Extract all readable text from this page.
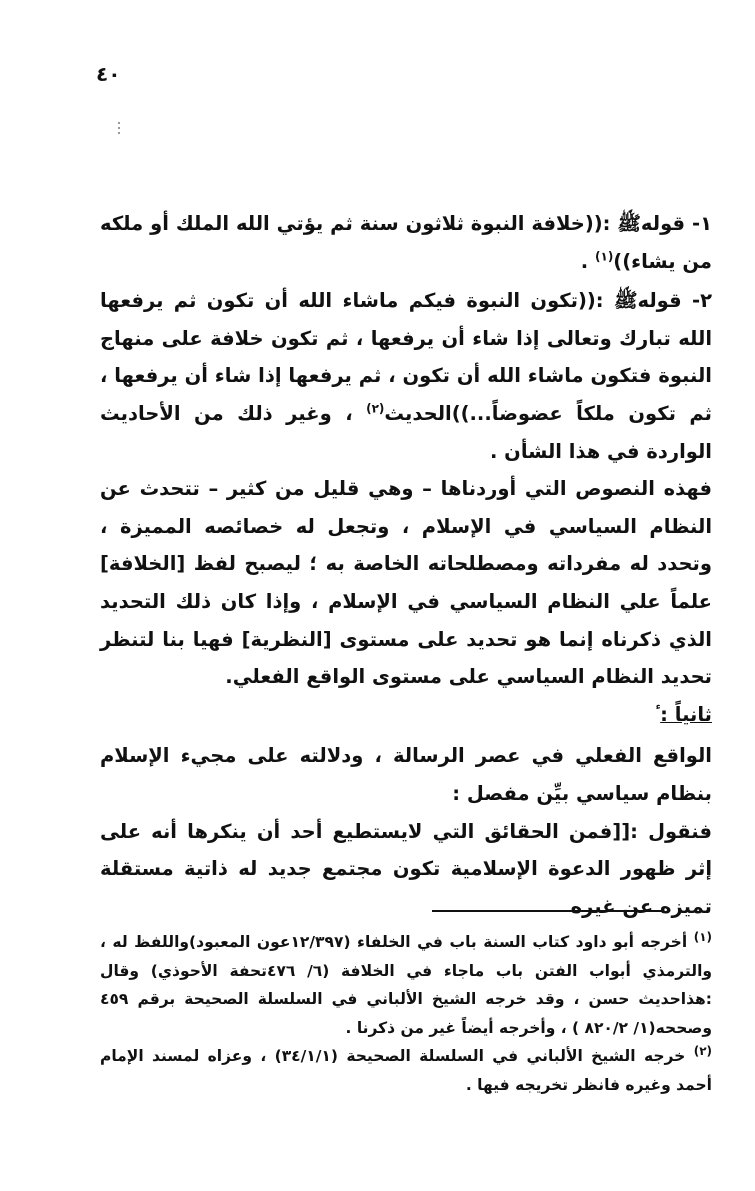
٤٠

١- قولهﷺ :((خلافة النبوة ثلاثون سنة ثم يؤتي الله الملك أو ملكه من يشاء))$^{(١)}$ .

٢- قولهﷺ :((تكون النبوة فيكم ماشاء الله أن تكون ثم يرفعها الله تبارك وتعالى إذا شاء أن يرفعها ، ثم تكون خلافة على منهاج النبوة فتكون ماشاء الله أن تكون ، ثم يرفعها إذا شاء أن يرفعها ، ثم تكون ملكاً عضوضاً...))الحديث$^{(٢)}$ ، وغير ذلك من الأحاديث الواردة في هذا الشأن .

فهذه النصوص التي أوردناها – وهي قليل من كثير – تتحدث عن النظام السياسي في الإسلام ، وتجعل له خصائصه المميزة ، وتحدد له مفرداته ومصطلحاته الخاصة به ؛ ليصبح لفظ [الخلافة] علماً علي النظام السياسي في الإسلام ، وإذا كان ذلك التحديد الذي ذكرناه إنما هو تحديد على مستوى [النظرية] فهيا بنا لتنظر تحديد النظام السياسي على مستوى الواقع الفعلي.

ثانياً :

الواقع الفعلي في عصر الرسالة ، ودلالته على مجيء الإسلام بنظام سياسي بيِّن مفصل :

فنقول :[[فمن الحقائق التي لايستطيع أحد أن ينكرها أنه على إثر ظهور الدعوة الإسلامية تكون مجتمع جديد له ذاتية مستقلة تميزه عن غيره

$^{(١)}$ أخرجه أبو داود كتاب السنة باب في الخلفاء (١٢/٣٩٧عون المعبود)واللفظ له ، والترمذي أبواب الفتن باب ماجاء في الخلافة (٦/ ٤٧٦تحفة الأحوذي) وقال :هذاحديث حسن ، وقد خرجه الشيخ الألباني في السلسلة الصحيحة برقم ٤٥٩ وصححه(١/ ٨٢٠/٢ ) ، وأخرجه أيضاً غير من ذكرنا .

$^{(٢)}$ خرجه الشيخ الألباني في السلسلة الصحيحة (٣٤/١/١) ، وعزاه لمسند الإمام أحمد وغيره فانظر تخريجه فيها .
